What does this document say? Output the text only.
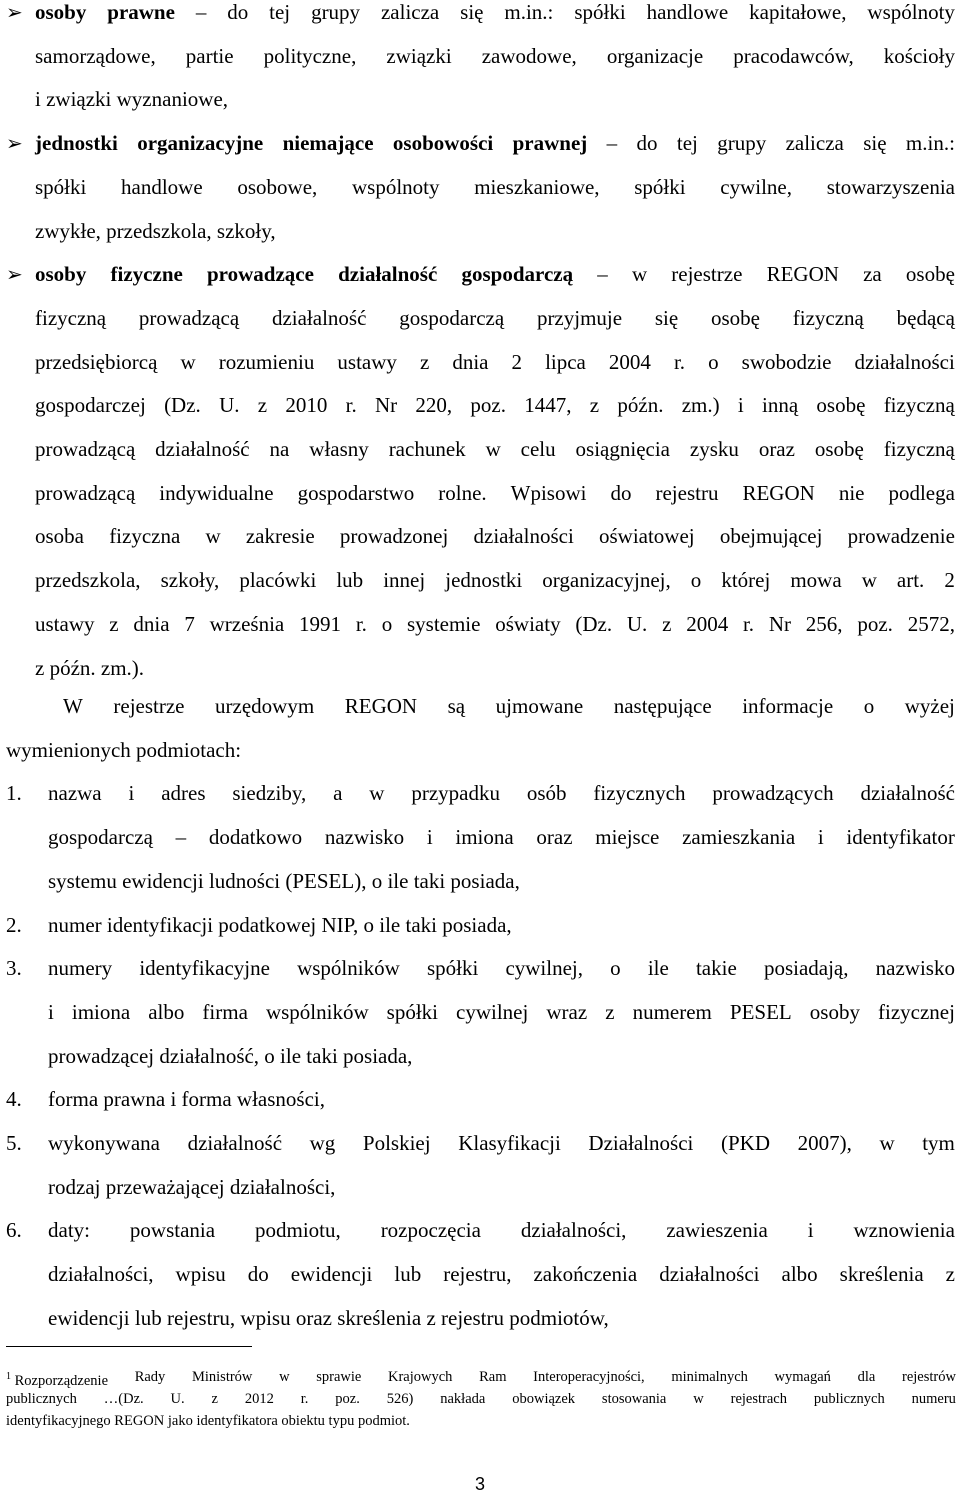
➢ osoby prawne – do tej grupy zalicza się m.in.: spółki handlowe kapitałowe, wspólnoty
samorządowe, partie polityczne, związki zawodowe, organizacje pracodawców, kościoły
i związki wyznaniowe,
➢ jednostki organizacyjne niemające osobowości prawnej – do tej grupy zalicza się m.in.:
spółki handlowe osobowe, wspólnoty mieszkaniowe, spółki cywilne, stowarzyszenia
zwykłe, przedszkola, szkoły,
➢ osoby fizyczne prowadzące działalność gospodarczą – w rejestrze REGON za osobę
fizyczną prowadzącą działalność gospodarczą przyjmuje się osobę fizyczną będącą
przedsiębiorcą w rozumieniu ustawy z dnia 2 lipca 2004 r. o swobodzie działalności
gospodarczej (Dz. U. z 2010 r. Nr 220, poz. 1447, z późn. zm.) i inną osobę fizyczną
prowadzącą działalność na własny rachunek w celu osiągnięcia zysku oraz osobę fizyczną
prowadzącą indywidualne gospodarstwo rolne. Wpisowi do rejestru REGON nie podlega
osoba fizyczna w zakresie prowadzonej działalności oświatowej obejmującej prowadzenie
przedszkola, szkoły, placówki lub innej jednostki organizacyjnej, o której mowa w art. 2
ustawy z dnia 7 września 1991 r. o systemie oświaty (Dz. U. z 2004 r. Nr 256, poz. 2572,
z późn. zm.).
W rejestrze urzędowym REGON są ujmowane następujące informacje o wyżej
wymienionych podmiotach:
1.	nazwa i adres siedziby, a w przypadku osób fizycznych prowadzących działalność
gospodarczą – dodatkowo nazwisko i imiona oraz miejsce zamieszkania i identyfikator
systemu ewidencji ludności (PESEL), o ile taki posiada,
2.	numer identyfikacji podatkowej NIP, o ile taki posiada,
3.	numery identyfikacyjne wspólników spółki cywilnej, o ile takie posiadają, nazwisko
i imiona albo firma wspólników spółki cywilnej wraz z numerem PESEL osoby fizycznej
prowadzącej działalność, o ile taki posiada,
4.	forma prawna i forma własności,
5.	wykonywana działalność wg Polskiej Klasyfikacji Działalności (PKD 2007), w tym
rodzaj przeważającej działalności,
6.	daty: powstania podmiotu, rozpoczęcia działalności, zawieszenia i wznowienia
działalności, wpisu do ewidencji lub rejestru, zakończenia działalności albo skreślenia z
ewidencji lub rejestru, wpisu oraz skreślenia z rejestru podmiotów,
$^1$ Rozporządzenie Rady Ministrów w sprawie Krajowych Ram Interoperacyjności, minimalnych wymagań dla rejestrów
publicznych …(Dz. U. z 2012 r. poz. 526) nakłada obowiązek stosowania w rejestrach publicznych numeru
identyfikacyjnego REGON jako identyfikatora obiektu typu podmiot.
3
